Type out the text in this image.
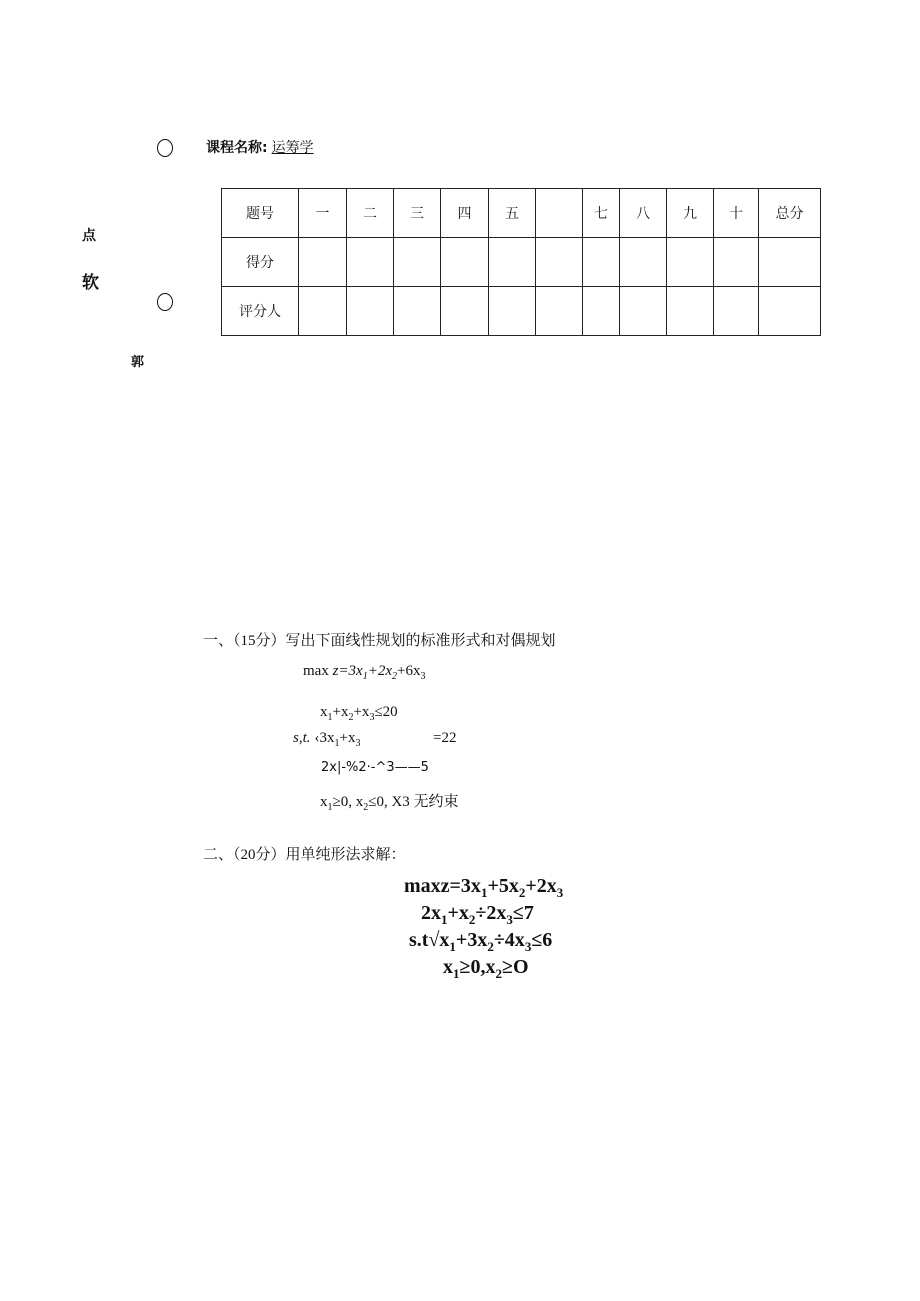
点
软
郭
课程名称: 运筹学
题号	一	二	三	四	五		七	八	九	十	总分
得分											
评分人											
一、（15分）写出下面线性规划的标准形式和对偶规划
$\max z=3x_1+2x_2+6x_3$
$x_1+x_2+x_3\le 20$
s,t. $‹3x_1+x_3$	=22
2x|-%2·-^3——5
$x_1\ge 0$, $x_2\le 0$, X3 无约束
二、（20分）用单纯形法求解：
$\max z=3x_1+5x_2+2x_3$
$2x_1+x_2\div 2x_3\le 7$
$s.t√x_1+3x_2\div 4x_3\le 6$
$x_1\ge 0,x_2\ge O$
